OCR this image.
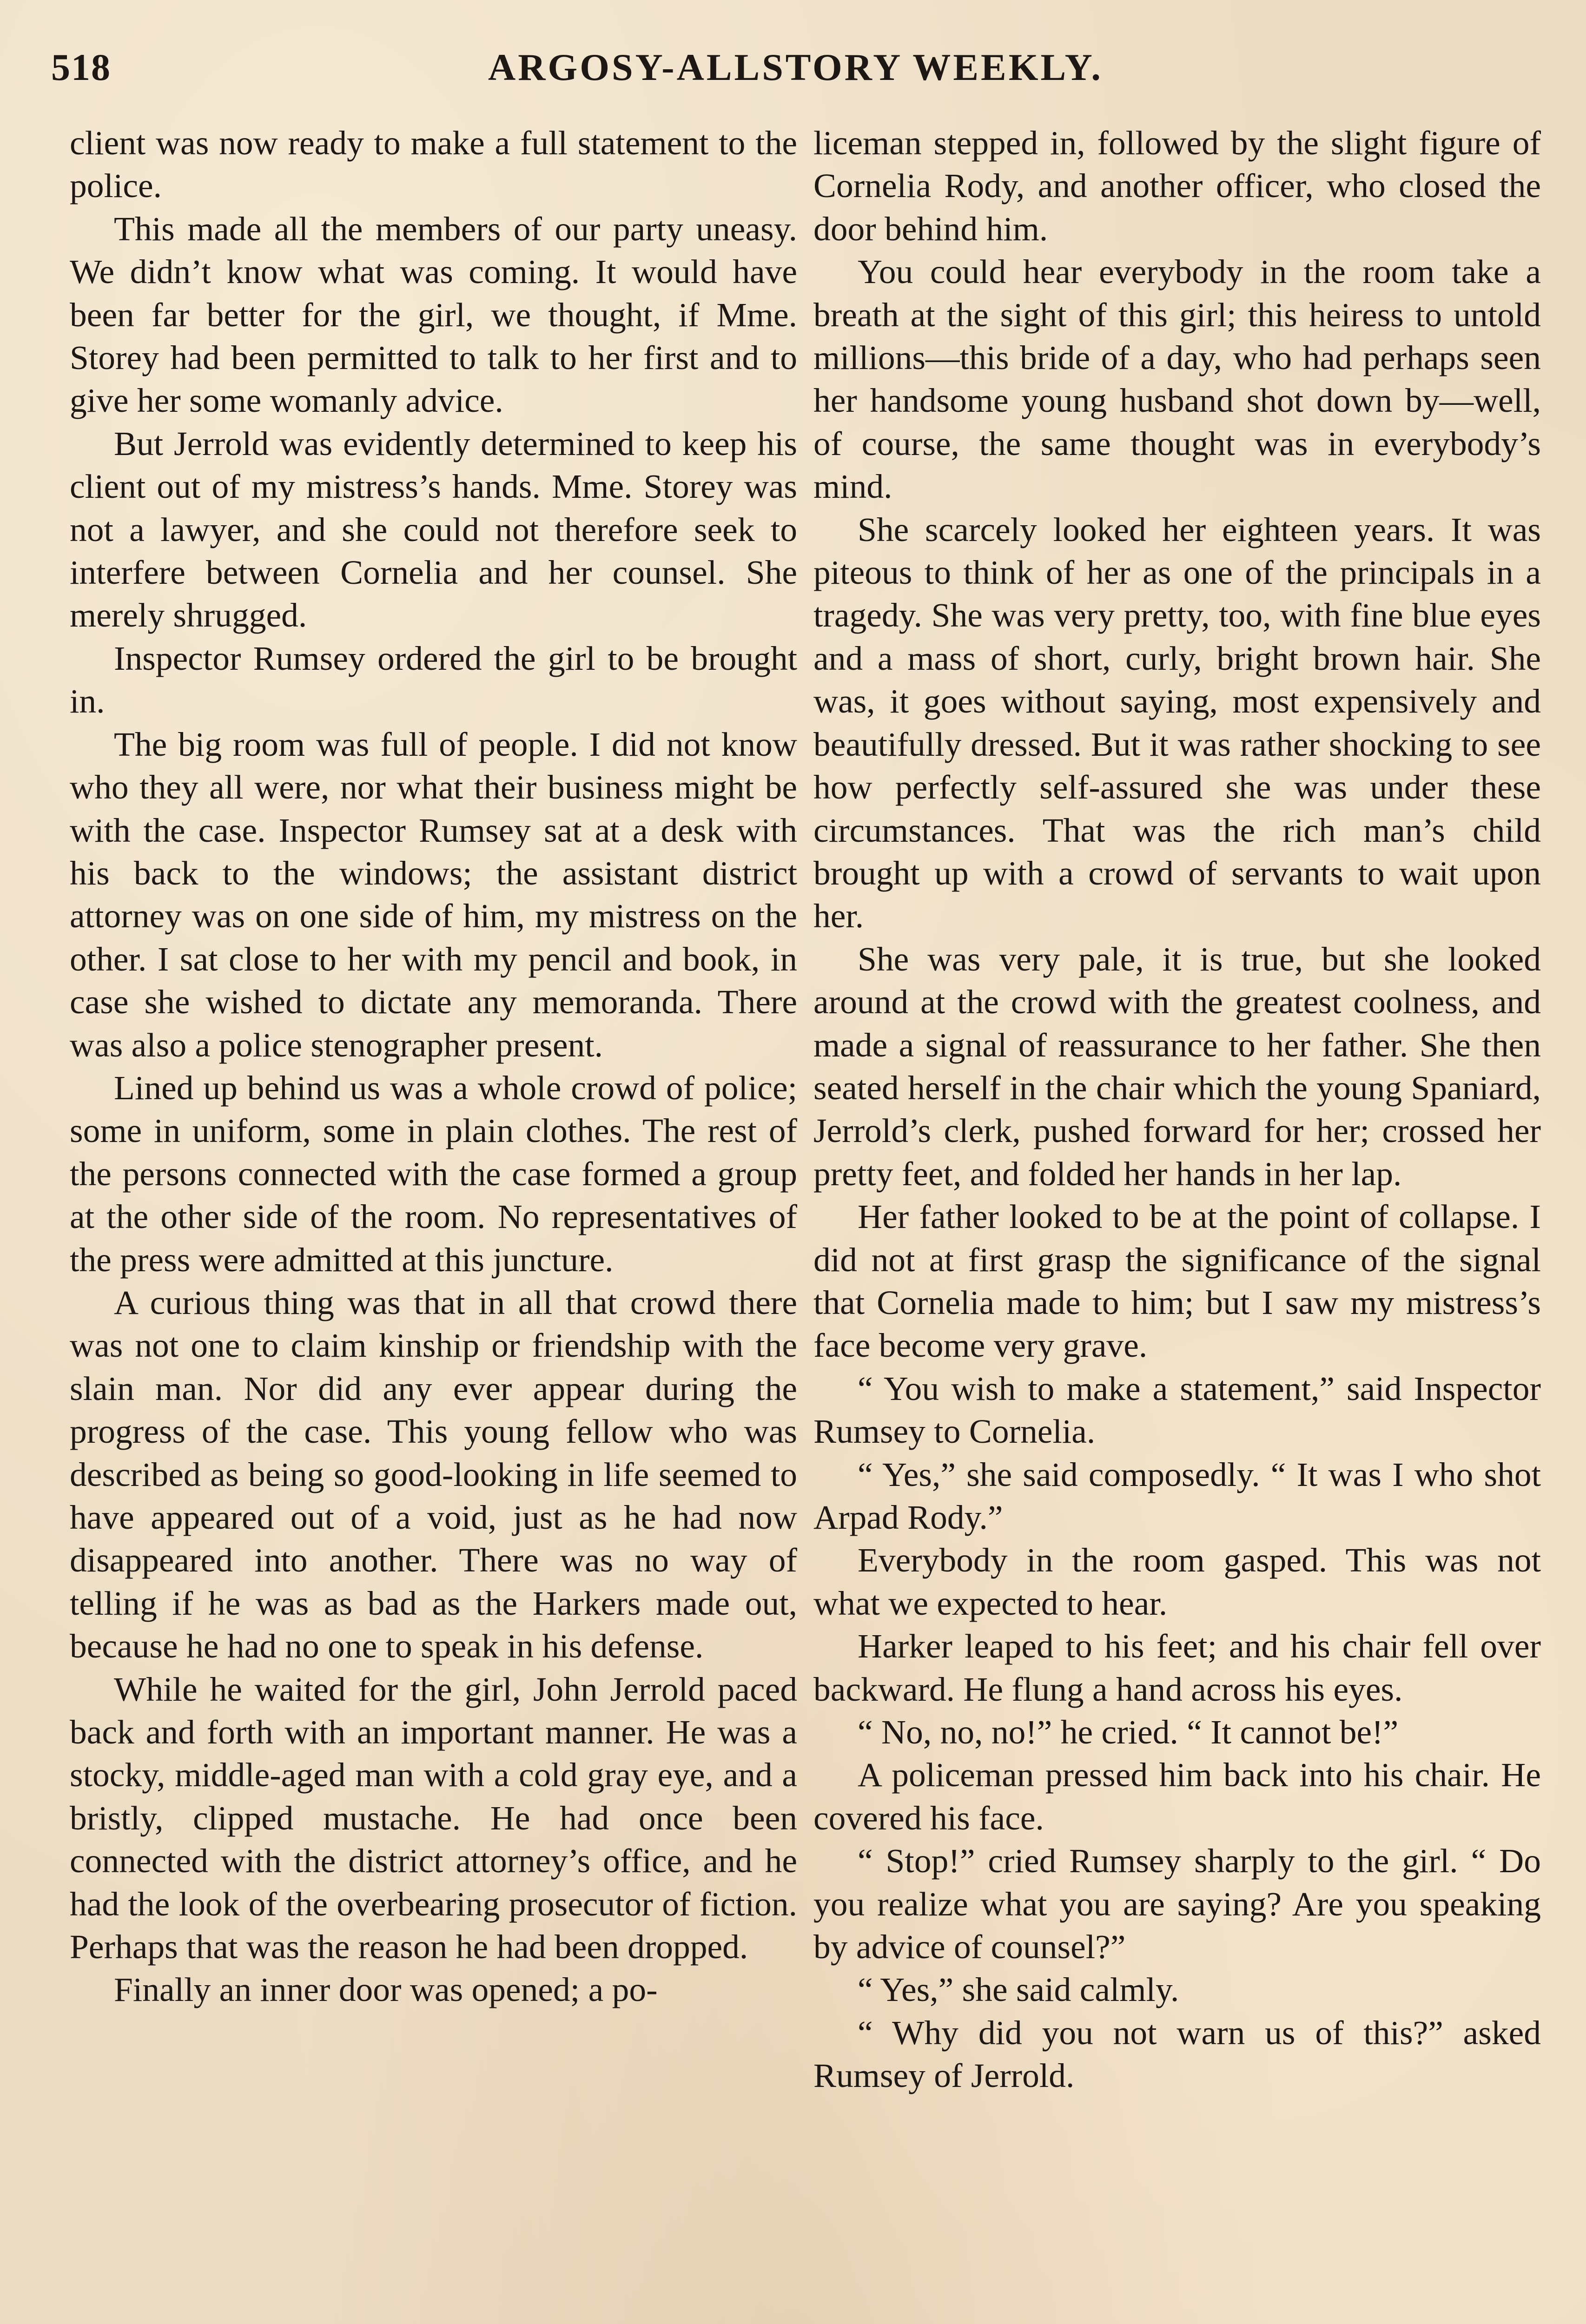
518	ARGOSY-ALLSTORY WEEKLY.

client was now ready to make a full statement to the police.

This made all the members of our party uneasy. We didn’t know what was coming. It would have been far better for the girl, we thought, if Mme. Storey had been permitted to talk to her first and to give her some womanly advice.

But Jerrold was evidently determined to keep his client out of my mistress’s hands. Mme. Storey was not a lawyer, and she could not therefore seek to interfere between Cornelia and her counsel. She merely shrugged.

Inspector Rumsey ordered the girl to be brought in.

The big room was full of people. I did not know who they all were, nor what their business might be with the case. Inspector Rumsey sat at a desk with his back to the windows; the assistant district attorney was on one side of him, my mistress on the other. I sat close to her with my pencil and book, in case she wished to dictate any memoranda. There was also a police stenographer present.

Lined up behind us was a whole crowd of police; some in uniform, some in plain clothes. The rest of the persons connected with the case formed a group at the other side of the room. No representatives of the press were admitted at this juncture.

A curious thing was that in all that crowd there was not one to claim kinship or friendship with the slain man. Nor did any ever appear during the progress of the case. This young fellow who was described as being so good-looking in life seemed to have appeared out of a void, just as he had now disappeared into another. There was no way of telling if he was as bad as the Harkers made out, because he had no one to speak in his defense.

While he waited for the girl, John Jerrold paced back and forth with an important manner. He was a stocky, middle-aged man with a cold gray eye, and a bristly, clipped mustache. He had once been connected with the district attorney’s office, and he had the look of the overbearing prosecutor of fiction. Perhaps that was the reason he had been dropped.

Finally an inner door was opened; a po-

liceman stepped in, followed by the slight figure of Cornelia Rody, and another officer, who closed the door behind him.

You could hear everybody in the room take a breath at the sight of this girl; this heiress to untold millions—this bride of a day, who had perhaps seen her handsome young husband shot down by—well, of course, the same thought was in everybody’s mind.

She scarcely looked her eighteen years. It was piteous to think of her as one of the principals in a tragedy. She was very pretty, too, with fine blue eyes and a mass of short, curly, bright brown hair. She was, it goes without saying, most expensively and beautifully dressed. But it was rather shocking to see how perfectly self-assured she was under these circumstances. That was the rich man’s child brought up with a crowd of servants to wait upon her.

She was very pale, it is true, but she looked around at the crowd with the greatest coolness, and made a signal of reassurance to her father. She then seated herself in the chair which the young Spaniard, Jerrold’s clerk, pushed forward for her; crossed her pretty feet, and folded her hands in her lap.

Her father looked to be at the point of collapse. I did not at first grasp the significance of the signal that Cornelia made to him; but I saw my mistress’s face become very grave.

“ You wish to make a statement,” said Inspector Rumsey to Cornelia.

“ Yes,” she said composedly. “ It was I who shot Arpad Rody.”

Everybody in the room gasped. This was not what we expected to hear.

Harker leaped to his feet; and his chair fell over backward. He flung a hand across his eyes.

“ No, no, no!” he cried. “ It cannot be!”

A policeman pressed him back into his chair. He covered his face.

“ Stop!” cried Rumsey sharply to the girl. “ Do you realize what you are saying? Are you speaking by advice of counsel?”

“ Yes,” she said calmly.

“ Why did you not warn us of this?” asked Rumsey of Jerrold.
